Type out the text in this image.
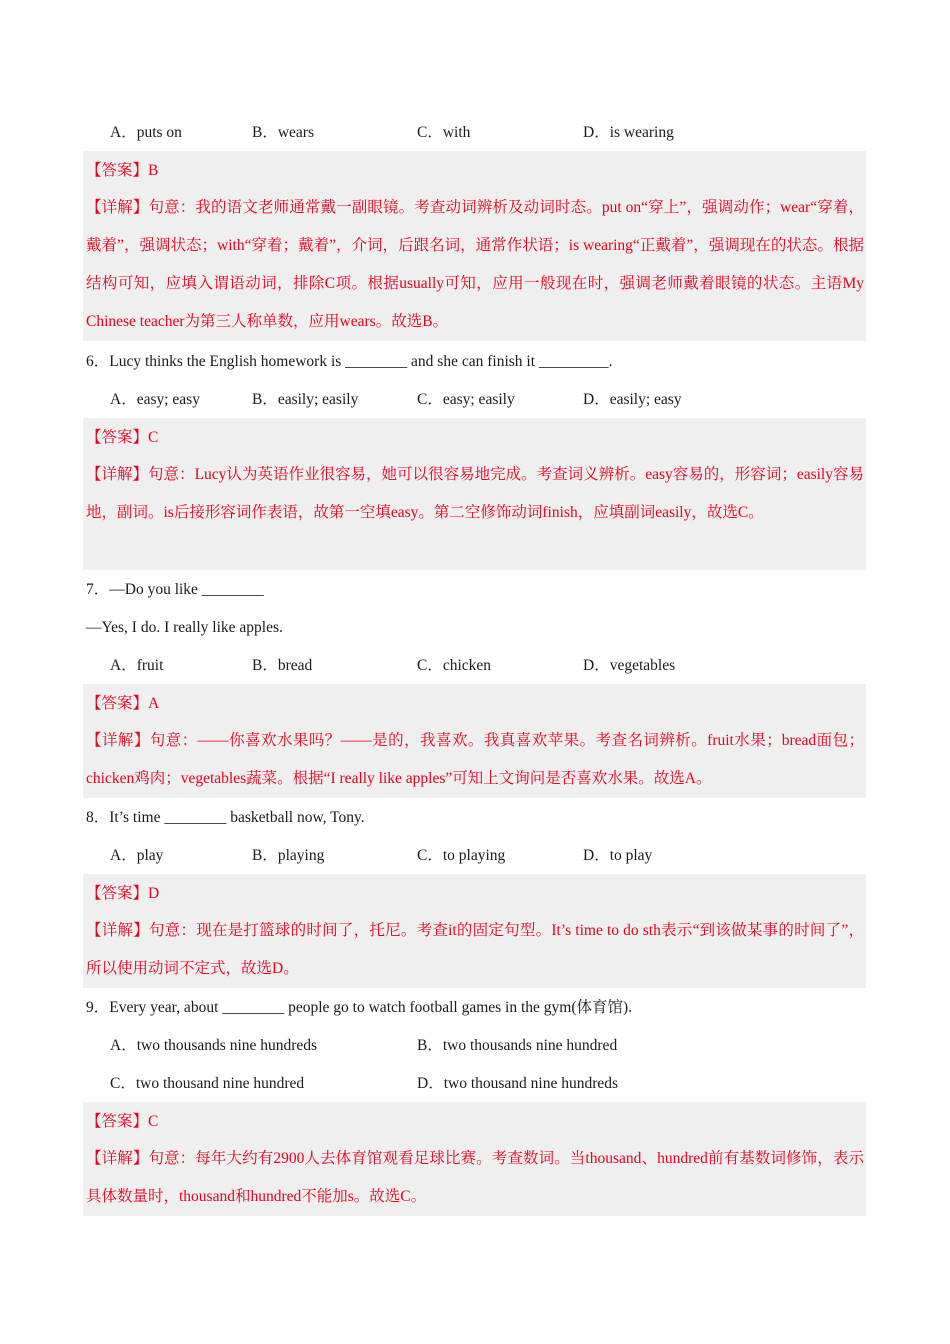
A．puts on	B．wears	C．with	D．is wearing
【答案】B
【详解】句意：我的语文老师通常戴一副眼镜。考查动词辨析及动词时态。put on“穿上”，强调动作；wear“穿着，戴着”，强调状态；with“穿着；戴着”，介词，后跟名词，通常作状语；is wearing“正戴着”，强调现在的状态。根据结构可知，应填入谓语动词，排除C项。根据usually可知，应用一般现在时，强调老师戴着眼镜的状态。主语My Chinese teacher为第三人称单数，应用wears。故选B。
6．Lucy thinks the English homework is ________ and she can finish it _________.
A．easy; easy	B．easily; easily	C．easy; easily	D．easily; easy
【答案】C
【详解】句意：Lucy认为英语作业很容易，她可以很容易地完成。考查词义辨析。easy容易的，形容词；easily容易地，副词。is后接形容词作表语，故第一空填easy。第二空修饰动词finish，应填副词easily，故选C。
7．—Do you like ________
—Yes, I do. I really like apples.
A．fruit	B．bread	C．chicken	D．vegetables
【答案】A
【详解】句意：——你喜欢水果吗？——是的，我喜欢。我真喜欢苹果。考查名词辨析。fruit水果；bread面包；chicken鸡肉；vegetables蔬菜。根据“I really like apples”可知上文询问是否喜欢水果。故选A。
8．It’s time ________ basketball now, Tony.
A．play	B．playing	C．to playing	D．to play
【答案】D
【详解】句意：现在是打篮球的时间了，托尼。考查it的固定句型。It’s time to do sth表示“到该做某事的时间了”，所以使用动词不定式，故选D。
9．Every year, about ________ people go to watch football games in the gym(体育馆).
A．two thousands nine hundreds	B．two thousands nine hundred
C．two thousand nine hundred	D．two thousand nine hundreds
【答案】C
【详解】句意：每年大约有2900人去体育馆观看足球比赛。考查数词。当thousand、hundred前有基数词修饰，表示具体数量时，thousand和hundred不能加s。故选C。
